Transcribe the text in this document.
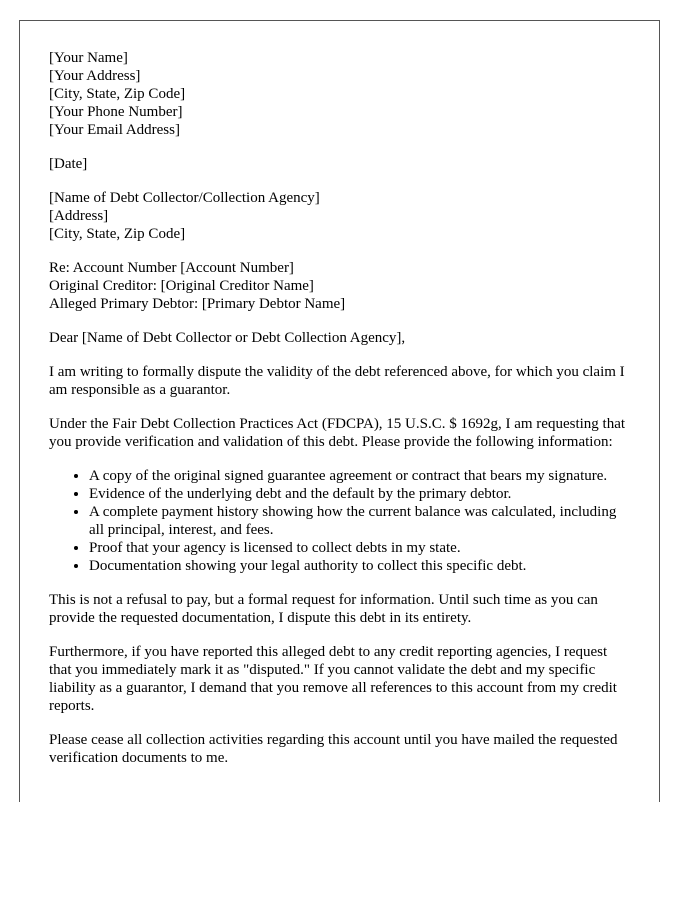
[Your Name]
[Your Address]
[City, State, Zip Code]
[Your Phone Number]
[Your Email Address]
[Date]
[Name of Debt Collector/Collection Agency]
[Address]
[City, State, Zip Code]
Re: Account Number [Account Number]
Original Creditor: [Original Creditor Name]
Alleged Primary Debtor: [Primary Debtor Name]

Dear [Name of Debt Collector or Debt Collection Agency],

I am writing to formally dispute the validity of the debt referenced above, for which you claim I am responsible as a guarantor.

Under the Fair Debt Collection Practices Act (FDCPA), 15 U.S.C. $ 1692g, I am requesting that you provide verification and validation of this debt. Please provide the following information:

• A copy of the original signed guarantee agreement or contract that bears my signature.
• Evidence of the underlying debt and the default by the primary debtor.
• A complete payment history showing how the current balance was calculated, including all principal, interest, and fees.
• Proof that your agency is licensed to collect debts in my state.
• Documentation showing your legal authority to collect this specific debt.

This is not a refusal to pay, but a formal request for information. Until such time as you can provide the requested documentation, I dispute this debt in its entirety.

Furthermore, if you have reported this alleged debt to any credit reporting agencies, I request that you immediately mark it as "disputed." If you cannot validate the debt and my specific liability as a guarantor, I demand that you remove all references to this account from my credit reports.

Please cease all collection activities regarding this account until you have mailed the requested verification documents to me.
